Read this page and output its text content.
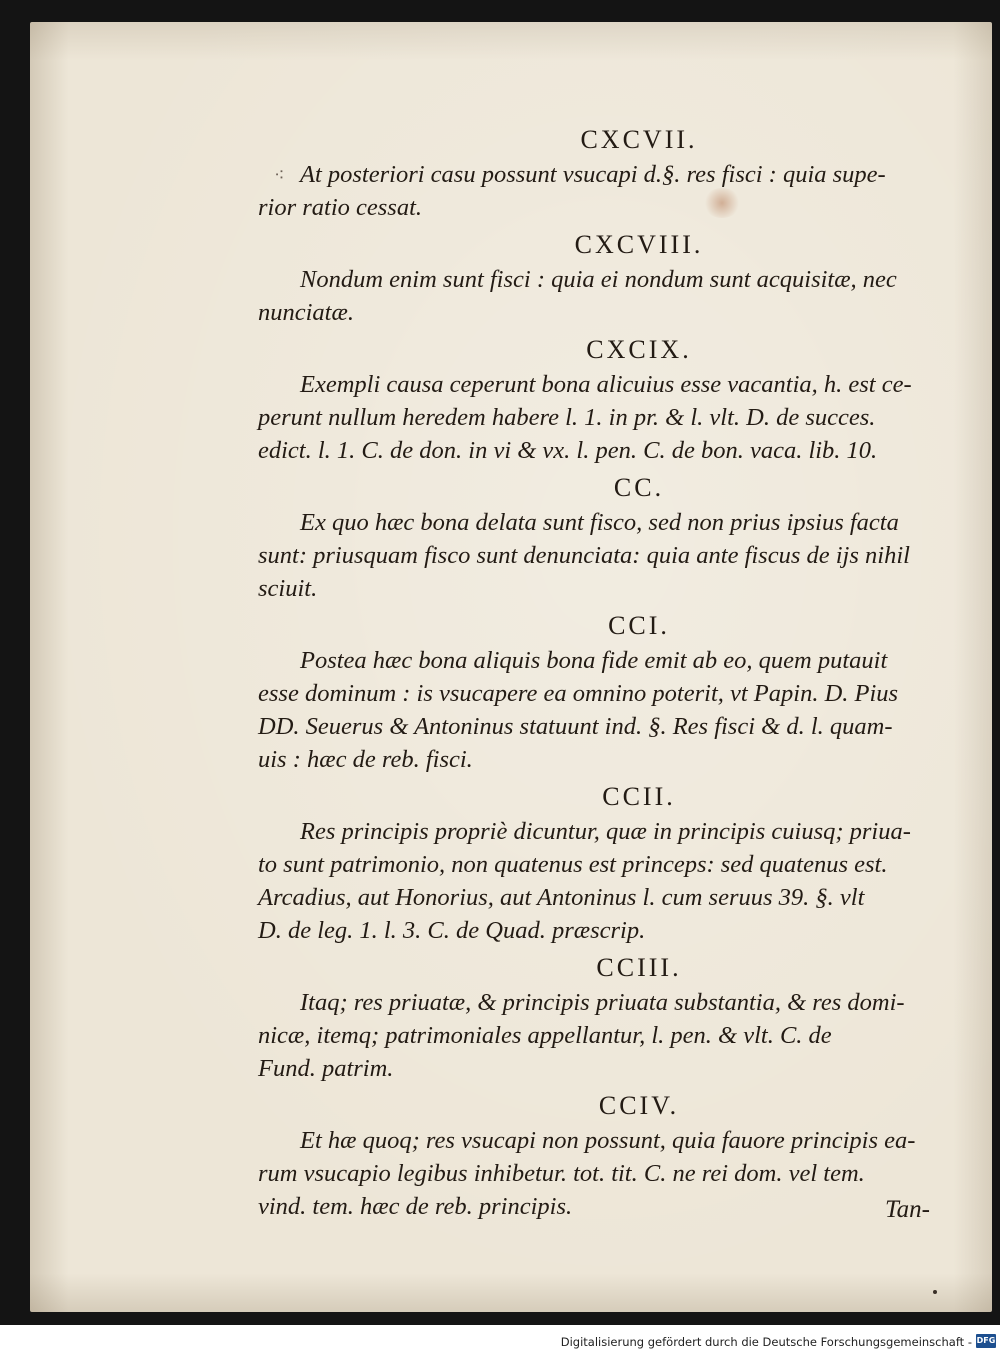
⁖
CXCVII.
At posteriori casu possunt vsucapi d.§. res fisci : quia supe-
rior ratio cessat.
CXCVIII.
Nondum enim sunt fisci : quia ei nondum sunt acquisitæ, nec
nunciatæ.
CXCIX.
Exempli causa ceperunt bona alicuius esse vacantia, h. est ce-
perunt nullum heredem habere l. 1. in pr. & l. vlt. D. de succes.
edict. l. 1. C. de don. in vi & vx. l. pen. C. de bon. vaca. lib. 10.
CC.
Ex quo hæc bona delata sunt fisco, sed non prius ipsius facta
sunt: priusquam fisco sunt denunciata: quia ante fiscus de ijs nihil
sciuit.
CCI.
Postea hæc bona aliquis bona fide emit ab eo, quem putauit
esse dominum : is vsucapere ea omnino poterit, vt Papin. D. Pius
DD. Seuerus & Antoninus statuunt ind. §. Res fisci & d. l. quam-
uis : hæc de reb. fisci.
CCII.
Res principis propriè dicuntur, quæ in principis cuiusq; priua-
to sunt patrimonio, non quatenus est princeps: sed quatenus est.
Arcadius, aut Honorius, aut Antoninus l. cum seruus 39. §. vlt
D. de leg. 1. l. 3. C. de Quad. præscrip.
CCIII.
Itaq; res priuatæ, & principis priuata substantia, & res domi-
nicæ, itemq; patrimoniales appellantur, l. pen. & vlt. C. de
Fund. patrim.
CCIV.
Et hæ quoq; res vsucapi non possunt, quia fauore principis ea-
rum vsucapio legibus inhibetur. tot. tit. C. ne rei dom. vel tem.
vind. tem. hæc de reb. principis.	Tan-
Digitalisierung gefördert durch die Deutsche Forschungsgemeinschaft - DFG
